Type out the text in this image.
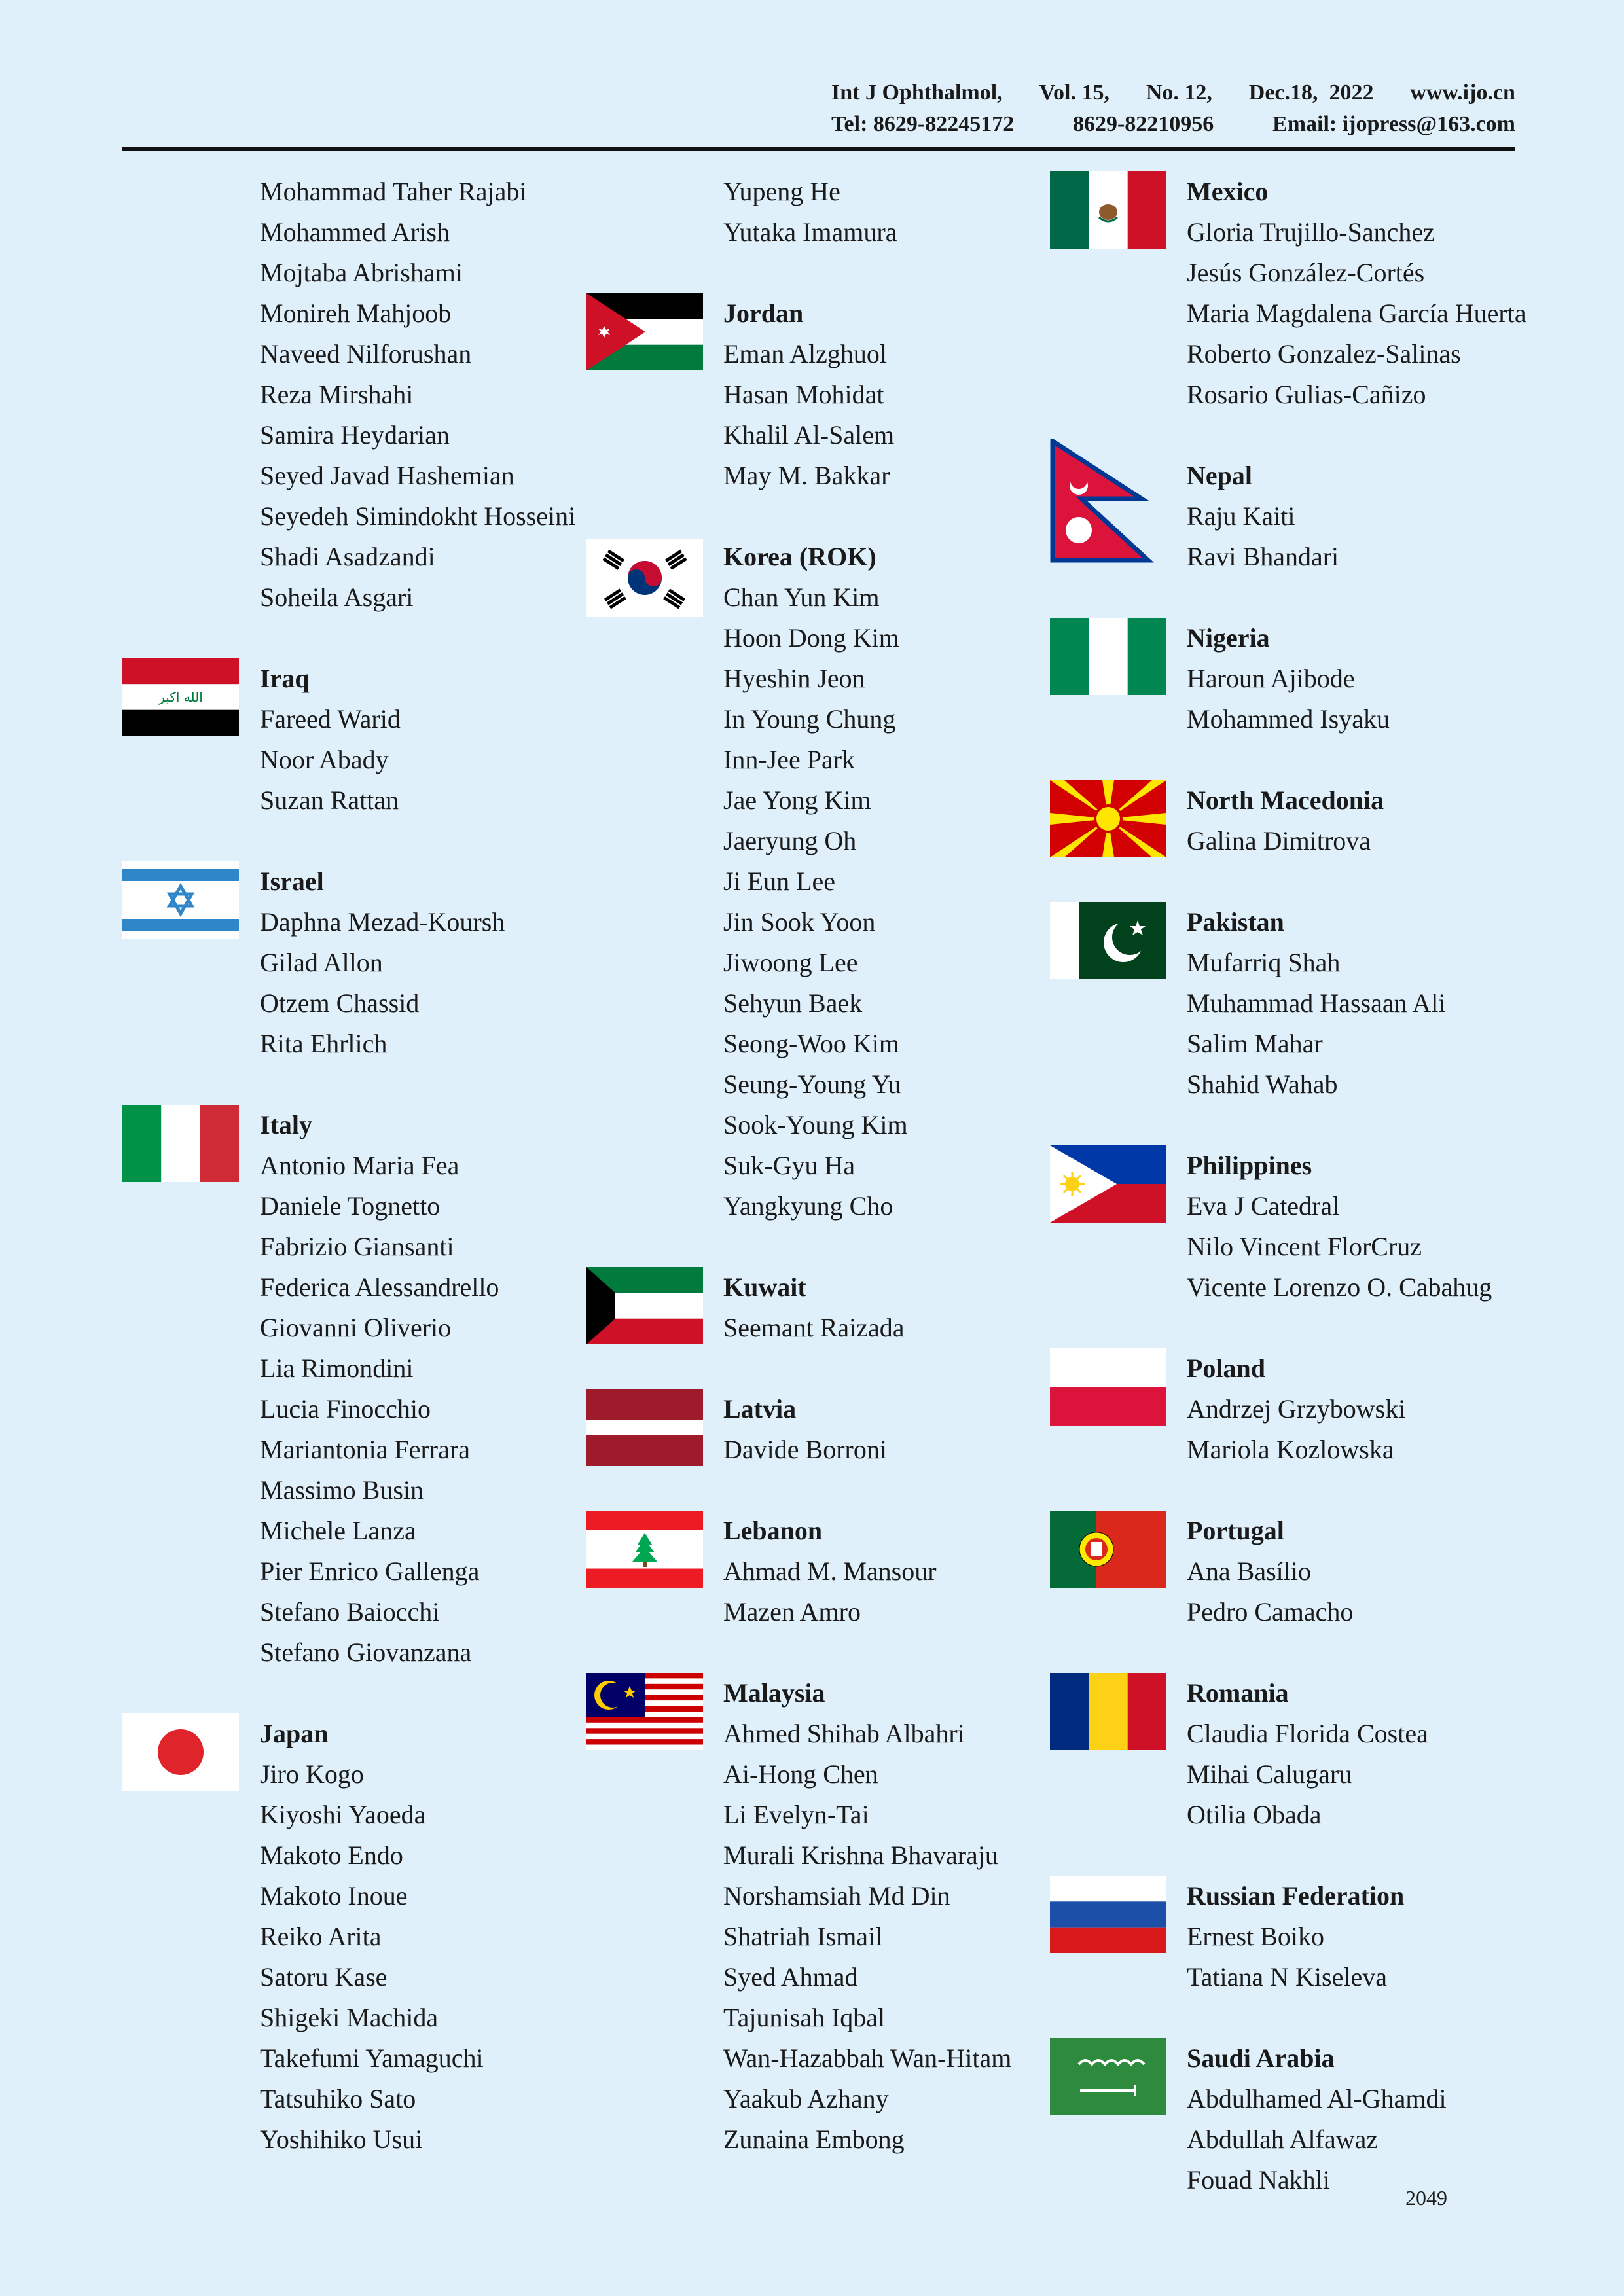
Int J Ophthalmol, Vol. 15, No. 12, Dec.18,  2022 www.ijo.cn
Tel: 8629-82245172	8629-82210956	Email: ijopress@163.com
Mohammad Taher Rajabi
Mohammed Arish
Mojtaba Abrishami
Monireh Mahjoob
Naveed Nilforushan
Reza Mirshahi
Samira Heydarian
Seyed Javad Hashemian
Seyedeh Simindokht Hosseini
Shadi Asadzandi
Soheila Asgari
Iraq
Fareed Warid
Noor Abady
Suzan Rattan
Israel
Daphna Mezad-Koursh
Gilad Allon
Otzem Chassid
Rita Ehrlich
Italy
Antonio Maria Fea
Daniele Tognetto
Fabrizio Giansanti
Federica Alessandrello
Giovanni Oliverio
Lia Rimondini
Lucia Finocchio
Mariantonia Ferrara
Massimo Busin
Michele Lanza
Pier Enrico Gallenga
Stefano Baiocchi
Stefano Giovanzana
Japan
Jiro Kogo
Kiyoshi Yaoeda
Makoto Endo
Makoto Inoue
Reiko Arita
Satoru Kase
Shigeki Machida
Takefumi Yamaguchi
Tatsuhiko Sato
Yoshihiko Usui
Yupeng He
Yutaka Imamura
Jordan
Eman Alzghuol
Hasan Mohidat
Khalil Al-Salem
May M. Bakkar
Korea (ROK)
Chan Yun Kim
Hoon Dong Kim
Hyeshin Jeon
In Young Chung
Inn-Jee Park
Jae Yong Kim
Jaeryung Oh
Ji Eun Lee
Jin Sook Yoon
Jiwoong Lee
Sehyun Baek
Seong-Woo Kim
Seung-Young Yu
Sook-Young Kim
Suk-Gyu Ha
Yangkyung Cho
Kuwait
Seemant Raizada
Latvia
Davide Borroni
Lebanon
Ahmad M. Mansour
Mazen Amro
Malaysia
Ahmed Shihab Albahri
Ai-Hong Chen
Li Evelyn-Tai
Murali Krishna Bhavaraju
Norshamsiah Md Din
Shatriah Ismail
Syed Ahmad
Tajunisah Iqbal
Wan-Hazabbah Wan-Hitam
Yaakub Azhany
Zunaina Embong
Mexico
Gloria Trujillo-Sanchez
Jesús González-Cortés
Maria Magdalena García Huerta
Roberto Gonzalez-Salinas
Rosario Gulias-Cañizo
Nepal
Raju Kaiti
Ravi Bhandari
Nigeria
Haroun Ajibode
Mohammed Isyaku
North Macedonia
Galina Dimitrova
Pakistan
Mufarriq Shah
Muhammad Hassaan Ali
Salim Mahar
Shahid Wahab
Philippines
Eva J Catedral
Nilo Vincent FlorCruz
Vicente Lorenzo O. Cabahug
Poland
Andrzej Grzybowski
Mariola Kozlowska
Portugal
Ana Basílio
Pedro Camacho
Romania
Claudia Florida Costea
Mihai Calugaru
Otilia Obada
Russian Federation
Ernest Boiko
Tatiana N Kiseleva
Saudi Arabia
Abdulhamed Al-Ghamdi
Abdullah Alfawaz
Fouad Nakhli
2049
الله اكبر
